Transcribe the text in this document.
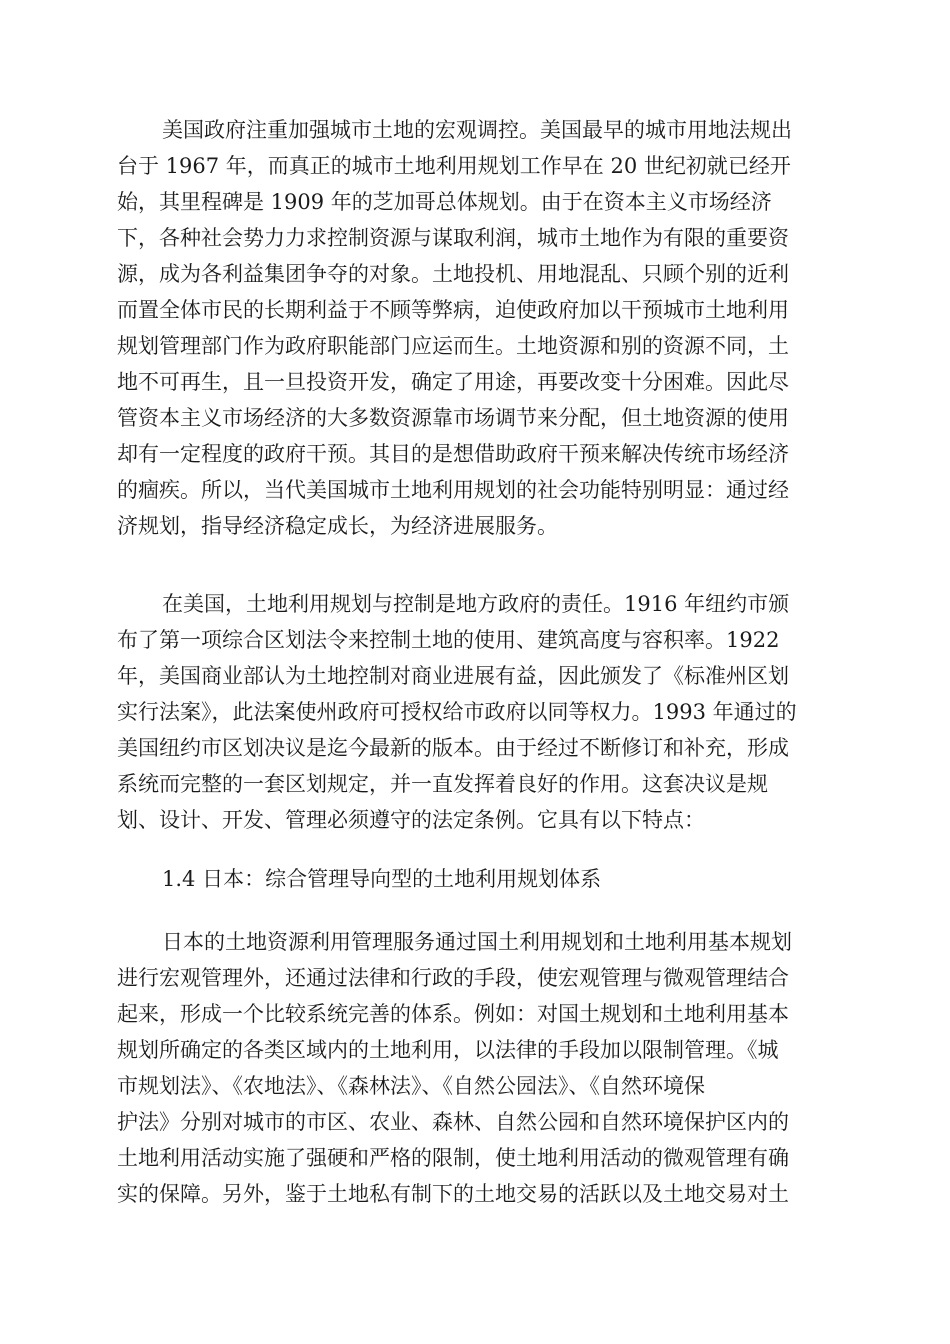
美国政府注重加强城市土地的宏观调控。美国最早的城市用地法规出
台于 1967 年，而真正的城市土地利用规划工作早在 20 世纪初就已经开
始，其里程碑是 1909 年的芝加哥总体规划。由于在资本主义市场经济
下，各种社会势力力求控制资源与谋取利润，城市土地作为有限的重要资
源，成为各利益集团争夺的对象。土地投机、用地混乱、只顾个别的近利
而置全体市民的长期利益于不顾等弊病，迫使政府加以干预城市土地利用
规划管理部门作为政府职能部门应运而生。土地资源和别的资源不同，土
地不可再生，且一旦投资开发，确定了用途，再要改变十分困难。因此尽
管资本主义市场经济的大多数资源靠市场调节来分配，但土地资源的使用
却有一定程度的政府干预。其目的是想借助政府干预来解决传统市场经济
的痼疾。所以，当代美国城市土地利用规划的社会功能特别明显：通过经
济规划，指导经济稳定成长，为经济进展服务。
在美国，土地利用规划与控制是地方政府的责任。1916 年纽约市颁
布了第一项综合区划法令来控制土地的使用、建筑高度与容积率。1922
年，美国商业部认为土地控制对商业进展有益，因此颁发了《标准州区划
实行法案》，此法案使州政府可授权给市政府以同等权力。1993 年通过的
美国纽约市区划决议是迄今最新的版本。由于经过不断修订和补充，形成
系统而完整的一套区划规定，并一直发挥着良好的作用。这套决议是规
划、设计、开发、管理必须遵守的法定条例。它具有以下特点：
1.4 日本：综合管理导向型的土地利用规划体系
日本的土地资源利用管理服务通过国土利用规划和土地利用基本规划
进行宏观管理外，还通过法律和行政的手段，使宏观管理与微观管理结合
起来，形成一个比较系统完善的体系。例如：对国土规划和土地利用基本
规划所确定的各类区域内的土地利用，以法律的手段加以限制管理。《城
市规划法》、《农地法》、《森林法》、《自然公园法》、《自然环境保
护法》分别对城市的市区、农业、森林、自然公园和自然环境保护区内的
土地利用活动实施了强硬和严格的限制，使土地利用活动的微观管理有确
实的保障。另外，鉴于土地私有制下的土地交易的活跃以及土地交易对土
